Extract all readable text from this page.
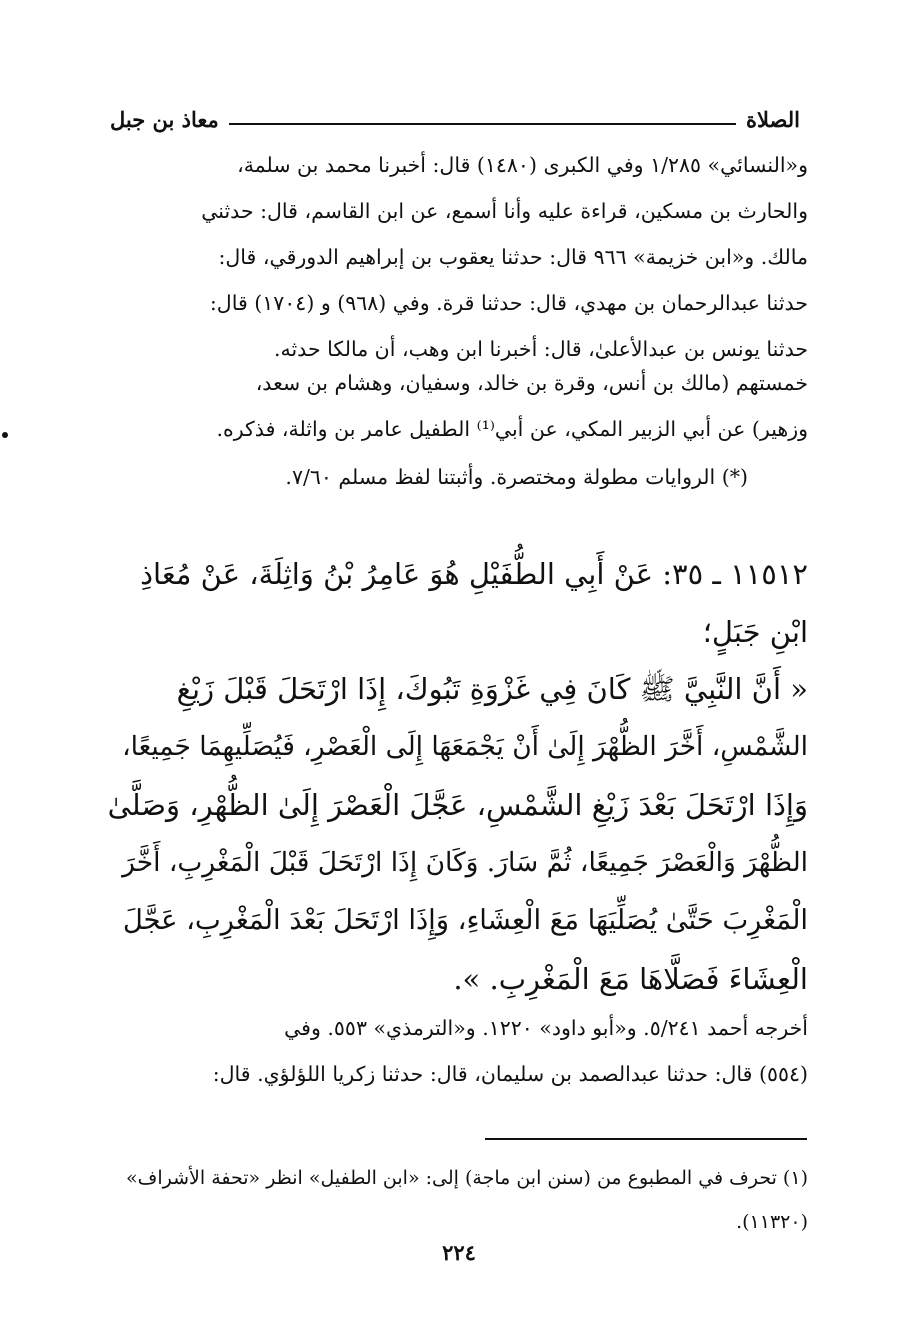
الصلاة
معاذ بن جبل
و«النسائي» ١/٢٨٥ وفي الكبرى (١٤٨٠) قال: أخبرنا محمد بن سلمة،
والحارث بن مسكين، قراءة عليه وأنا أسمع، عن ابن القاسم، قال: حدثني
مالك. و«ابن خزيمة» ٩٦٦ قال: حدثنا يعقوب بن إبراهيم الدورقي، قال:
حدثنا عبدالرحمان بن مهدي، قال: حدثنا قرة. وفي (٩٦٨) و (١٧٠٤) قال:
حدثنا يونس بن عبدالأعلىٰ، قال: أخبرنا ابن وهب، أن مالكا حدثه.
خمستهم (مالك بن أنس، وقرة بن خالد، وسفيان، وهشام بن سعد،
وزهير) عن أبي الزبير المكي، عن أبي⁽¹⁾ الطفيل عامر بن واثلة، فذكره.
(*) الروايات مطولة ومختصرة. وأثبتنا لفظ مسلم ٧/٦٠.
١١٥١٢ ـ ٣٥: عَنْ أَبِي الطُّفَيْلِ هُوَ عَامِرُ بْنُ وَاثِلَةَ، عَنْ مُعَاذِ
ابْنِ جَبَلٍ؛
« أَنَّ النَّبِيَّ ﷺ كَانَ فِي غَزْوَةِ تَبُوكَ، إِذَا ارْتَحَلَ قَبْلَ زَيْغِ
الشَّمْسِ، أَخَّرَ الظُّهْرَ إِلَىٰ أَنْ يَجْمَعَهَا إِلَى الْعَصْرِ، فَيُصَلِّيهِمَا جَمِيعًا،
وَإِذَا ارْتَحَلَ بَعْدَ زَيْغِ الشَّمْسِ، عَجَّلَ الْعَصْرَ إِلَىٰ الظُّهْرِ، وَصَلَّىٰ
الظُّهْرَ وَالْعَصْرَ جَمِيعًا، ثُمَّ سَارَ. وَكَانَ إِذَا ارْتَحَلَ قَبْلَ الْمَغْرِبِ، أَخَّرَ
الْمَغْرِبَ حَتَّىٰ يُصَلِّيَهَا مَعَ الْعِشَاءِ، وَإِذَا ارْتَحَلَ بَعْدَ الْمَغْرِبِ، عَجَّلَ
الْعِشَاءَ فَصَلَّاهَا مَعَ الْمَغْرِبِ. ».
أخرجه أحمد ٥/٢٤١. و«أبو داود» ١٢٢٠. و«الترمذي» ٥٥٣. وفي
(٥٥٤) قال: حدثنا عبدالصمد بن سليمان، قال: حدثنا زكريا اللؤلؤي. قال:
(١) تحرف في المطبوع من (سنن ابن ماجة) إلى: «ابن الطفيل» انظر «تحفة الأشراف»
(١١٣٢٠).
٢٢٤
